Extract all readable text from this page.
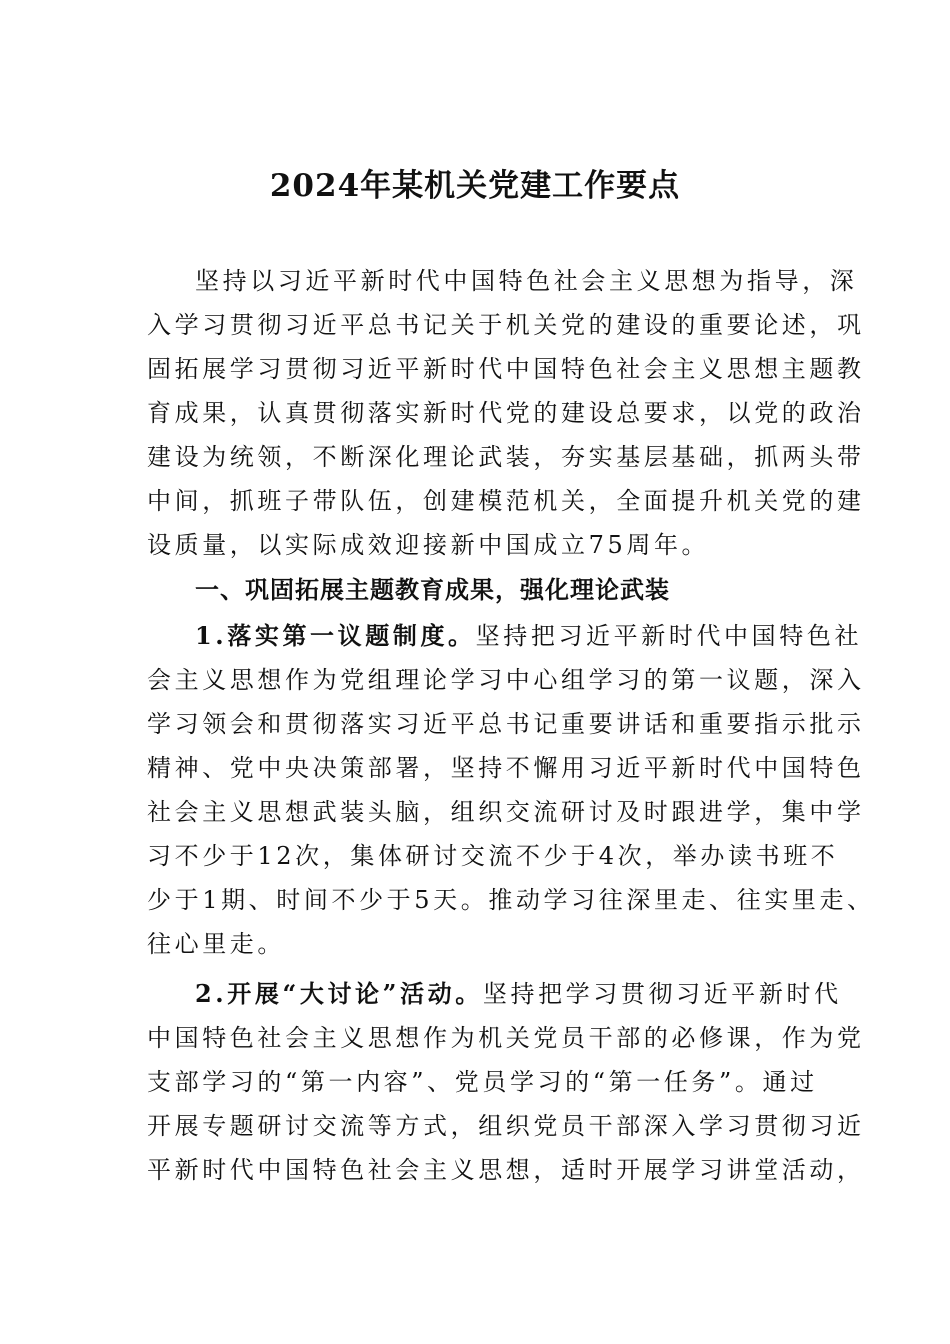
2024年某机关党建工作要点
坚持以习近平新时代中国特色社会主义思想为指导，深
入学习贯彻习近平总书记关于机关党的建设的重要论述，巩
固拓展学习贯彻习近平新时代中国特色社会主义思想主题教
育成果，认真贯彻落实新时代党的建设总要求，以党的政治
建设为统领，不断深化理论武装，夯实基层基础，抓两头带
中间，抓班子带队伍，创建模范机关，全面提升机关党的建
设质量，以实际成效迎接新中国成立75周年。
一、巩固拓展主题教育成果，强化理论武装
1.落实第一议题制度。坚持把习近平新时代中国特色社
会主义思想作为党组理论学习中心组学习的第一议题，深入
学习领会和贯彻落实习近平总书记重要讲话和重要指示批示
精神、党中央决策部署，坚持不懈用习近平新时代中国特色
社会主义思想武装头脑，组织交流研讨及时跟进学，集中学
习不少于12次，集体研讨交流不少于4次，举办读书班不
少于1期、时间不少于5天。推动学习往深里走、往实里走、
往心里走。
2.开展“大讨论”活动。坚持把学习贯彻习近平新时代
中国特色社会主义思想作为机关党员干部的必修课，作为党
支部学习的“第一内容”、党员学习的“第一任务”。通过
开展专题研讨交流等方式，组织党员干部深入学习贯彻习近
平新时代中国特色社会主义思想，适时开展学习讲堂活动，
